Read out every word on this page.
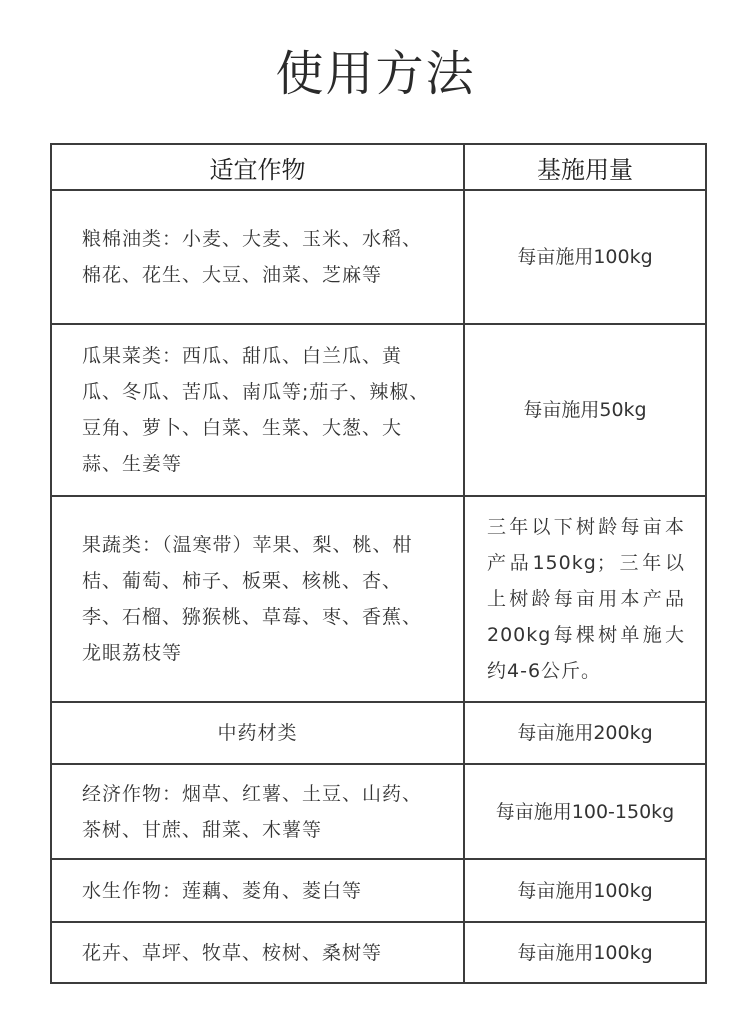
使用方法
适宜作物	基施用量
粮棉油类：小麦、大麦、玉米、水稻、棉花、花生、大豆、油菜、芝麻等	每亩施用100kg
瓜果菜类：西瓜、甜瓜、白兰瓜、黄瓜、冬瓜、苦瓜、南瓜等;茄子、辣椒、豆角、萝卜、白菜、生菜、大葱、大蒜、生姜等	每亩施用50kg
果蔬类：（温寒带）苹果、梨、桃、柑桔、葡萄、柿子、板栗、核桃、杏、李、石榴、猕猴桃、草莓、枣、香蕉、龙眼荔枝等	三年以下树龄每亩本产品150kg；三年以上树龄每亩用本产品200kg每棵树单施大约4-6公斤。
中药材类	每亩施用200kg
经济作物：烟草、红薯、土豆、山药、茶树、甘蔗、甜菜、木薯等	每亩施用100-150kg
水生作物：莲藕、菱角、菱白等	每亩施用100kg
花卉、草坪、牧草、桉树、桑树等	每亩施用100kg
